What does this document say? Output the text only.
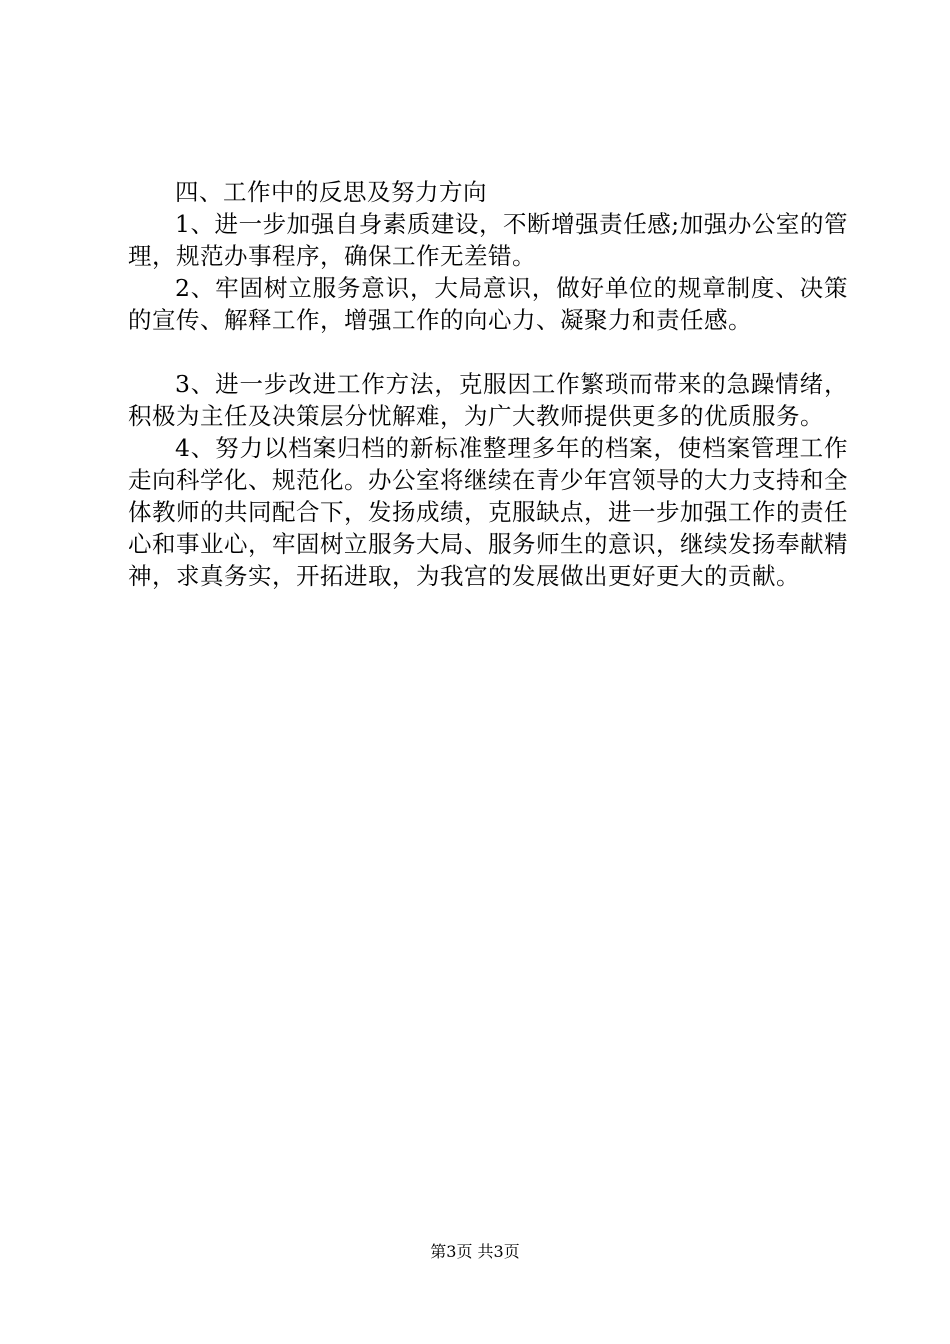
四、工作中的反思及努力方向

1、进一步加强自身素质建设，不断增强责任感;加强办公室的管理，规范办事程序，确保工作无差错。

2、牢固树立服务意识，大局意识，做好单位的规章制度、决策的宣传、解释工作，增强工作的向心力、凝聚力和责任感。

3、进一步改进工作方法，克服因工作繁琐而带来的急躁情绪，积极为主任及决策层分忧解难，为广大教师提供更多的优质服务。

4、努力以档案归档的新标准整理多年的档案，使档案管理工作走向科学化、规范化。办公室将继续在青少年宫领导的大力支持和全体教师的共同配合下，发扬成绩，克服缺点，进一步加强工作的责任心和事业心，牢固树立服务大局、服务师生的意识，继续发扬奉献精神，求真务实，开拓进取，为我宫的发展做出更好更大的贡献。

第3页 共3页
